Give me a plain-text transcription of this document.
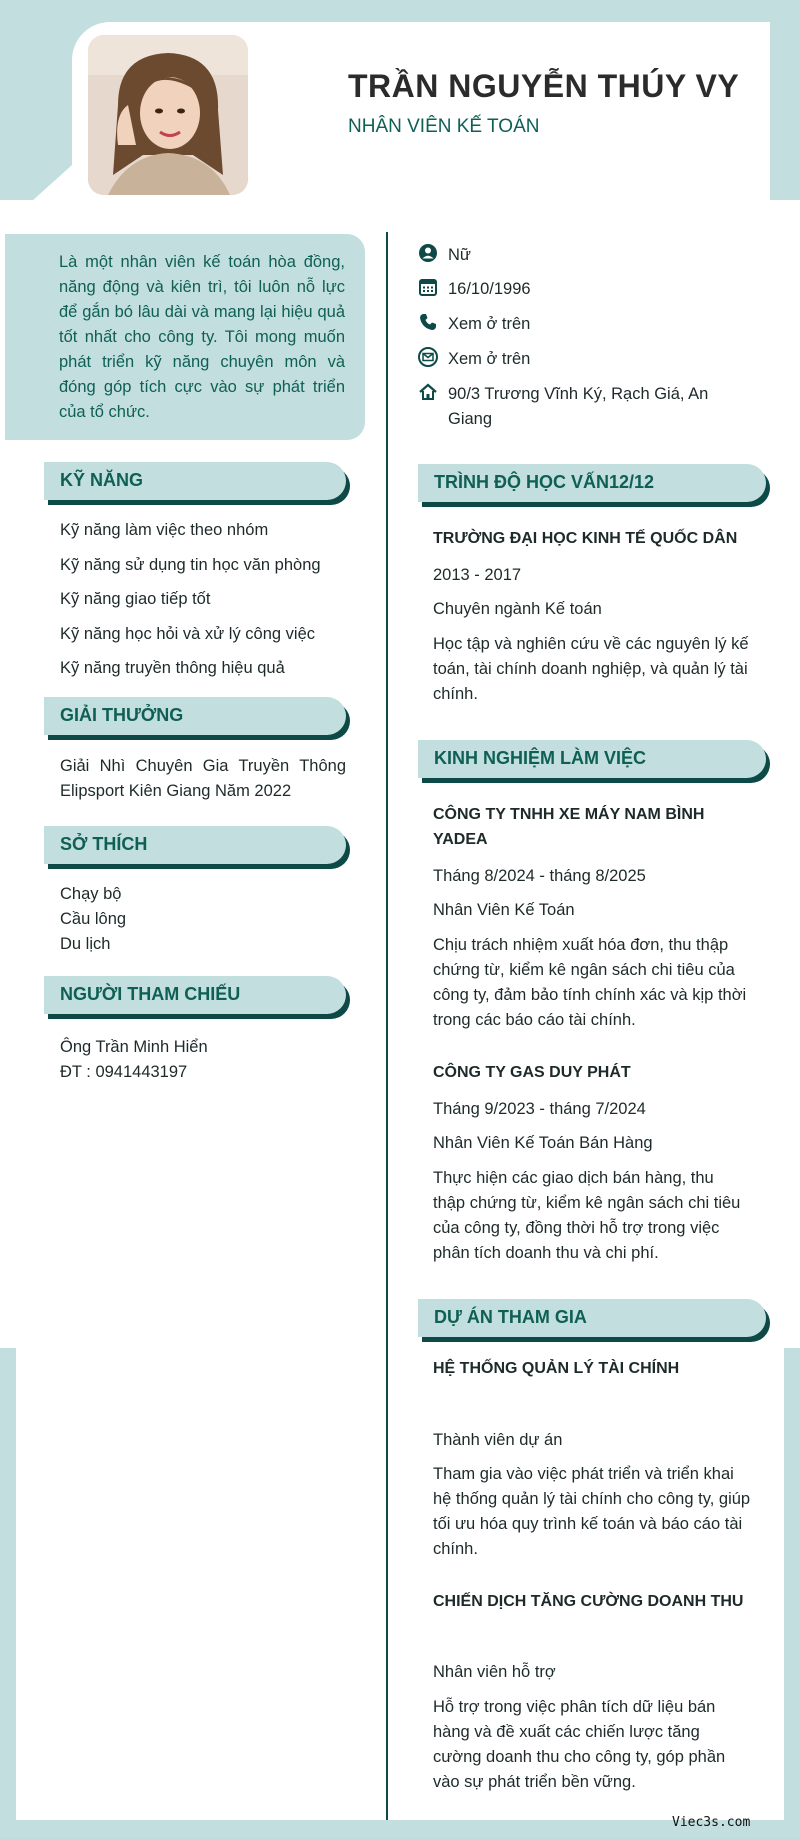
TRẦN NGUYỄN THÚY VY
NHÂN VIÊN KẾ TOÁN

Là một nhân viên kế toán hòa đồng, năng động và kiên trì, tôi luôn nỗ lực để gắn bó lâu dài và mang lại hiệu quả tốt nhất cho công ty. Tôi mong muốn phát triển kỹ năng chuyên môn và đóng góp tích cực vào sự phát triển của tổ chức.

KỸ NĂNG
Kỹ năng làm việc theo nhóm
Kỹ năng sử dụng tin học văn phòng
Kỹ năng giao tiếp tốt
Kỹ năng học hỏi và xử lý công việc
Kỹ năng truyền thông hiệu quả
GIẢI THƯỞNG
Giải Nhì Chuyên Gia Truyền Thông
Elipsport Kiên Giang Năm 2022
SỞ THÍCH
Chạy bộ
Cầu lông
Du lịch
NGƯỜI THAM CHIẾU
Ông Trần Minh Hiển
ĐT : 0941443197
Nữ
16/10/1996
Xem ở trên
Xem ở trên
90/3 Trương Vĩnh Ký, Rạch Giá, An
Giang
TRÌNH ĐỘ HỌC VẤN12/12
TRƯỜNG ĐẠI HỌC KINH TẾ QUỐC DÂN
2013 - 2017
Chuyên ngành Kế toán
Học tập và nghiên cứu về các nguyên lý kế toán, tài chính doanh nghiệp, và quản lý tài chính.
KINH NGHIỆM LÀM VIỆC
CÔNG TY TNHH XE MÁY NAM BÌNH YADEA
Tháng 8/2024 - tháng 8/2025
Nhân Viên Kế Toán
Chịu trách nhiệm xuất hóa đơn, thu thập chứng từ, kiểm kê ngân sách chi tiêu của công ty, đảm bảo tính chính xác và kịp thời trong các báo cáo tài chính.
CÔNG TY GAS DUY PHÁT
Tháng 9/2023 - tháng 7/2024
Nhân Viên Kế Toán Bán Hàng
Thực hiện các giao dịch bán hàng, thu thập chứng từ, kiểm kê ngân sách chi tiêu của công ty, đồng thời hỗ trợ trong việc phân tích doanh thu và chi phí.
DỰ ÁN THAM GIA
HỆ THỐNG QUẢN LÝ TÀI CHÍNH
Thành viên dự án
Tham gia vào việc phát triển và triển khai hệ thống quản lý tài chính cho công ty, giúp tối ưu hóa quy trình kế toán và báo cáo tài chính.
CHIẾN DỊCH TĂNG CƯỜNG DOANH THU
Nhân viên hỗ trợ
Hỗ trợ trong việc phân tích dữ liệu bán hàng và đề xuất các chiến lược tăng cường doanh thu cho công ty, góp phần vào sự phát triển bền vững.
Viec3s.com
